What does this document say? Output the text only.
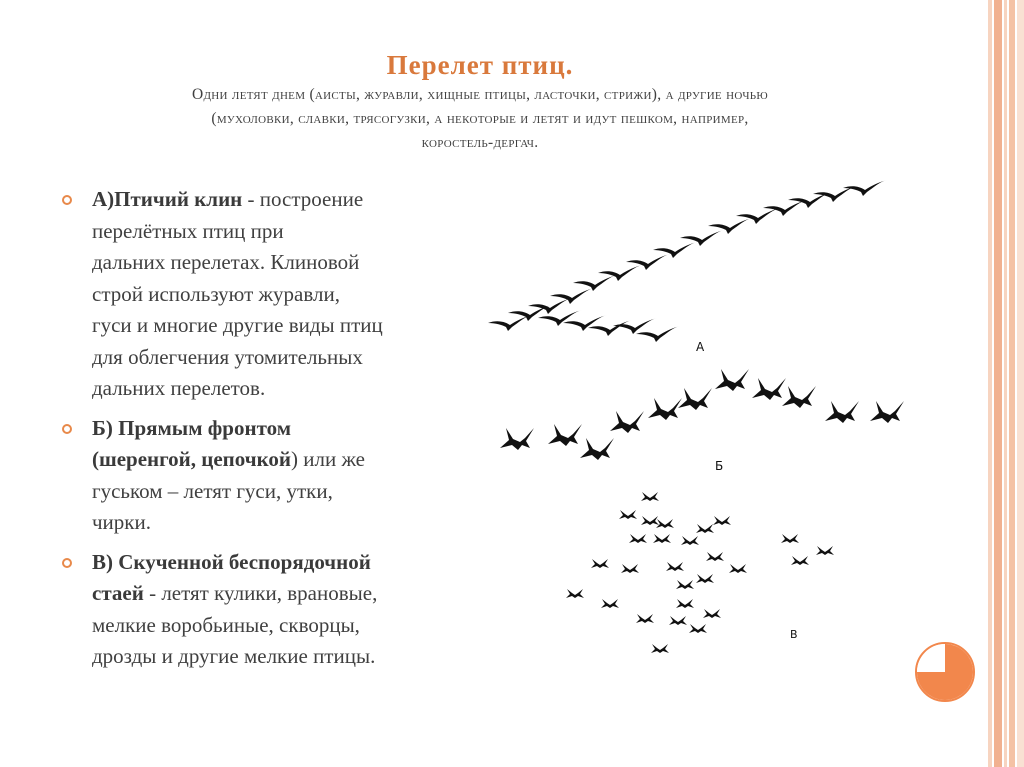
Перелет птиц.
Одни летят днем (аисты, журавли, хищные птицы, ласточки, стрижи), а другие ночью
(мухоловки, славки, трясогузки, а некоторые и летят и идут пешком, например,
коростель-дергач.
А)Птичий клин - построение
перелётных птиц при
дальних перелетах. Клиновой
строй используют журавли,
гуси и многие другие виды птиц
для облегчения утомительных
дальних перелетов.
Б) Прямым фронтом
(шеренгой, цепочкой) или же
гуськом – летят гуси, утки,
чирки.
В) Скученной беспорядочной
стаей - летят кулики, врановые,
мелкие воробьиные, скворцы,
дрозды и другие мелкие птицы.
А
Б
В
